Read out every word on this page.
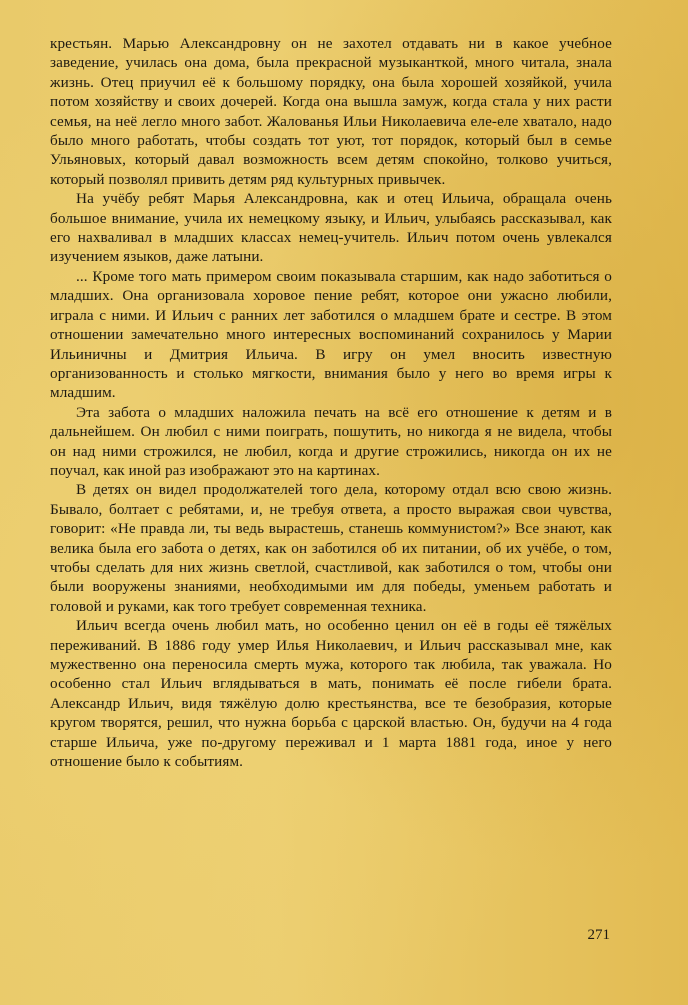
крестьян. Марью Александровну он не захотел отдавать ни в какое учебное заведение, училась она дома, была прекрасной музыканткой, много читала, знала жизнь. Отец приучил её к большому порядку, она была хорошей хозяйкой, учила потом хозяйству и своих дочерей. Когда она вышла замуж, когда стала у них расти семья, на неё легло много забот. Жалованья Ильи Николаевича еле-еле хватало, надо было много работать, чтобы создать тот уют, тот порядок, который был в семье Ульяновых, который давал возможность всем детям спокойно, толково учиться, который позволял привить детям ряд культурных привычек.

На учёбу ребят Марья Александровна, как и отец Ильича, обращала очень большое внимание, учила их немецкому языку, и Ильич, улыбаясь рассказывал, как его нахваливал в младших классах немец-учитель. Ильич потом очень увлекался изучением языков, даже латыни.

... Кроме того мать примером своим показывала старшим, как надо заботиться о младших. Она организовала хоровое пение ребят, которое они ужасно любили, играла с ними. И Ильич с ранних лет заботился о младшем брате и сестре. В этом отношении замечательно много интересных воспоминаний сохранилось у Марии Ильиничны и Дмитрия Ильича. В игру он умел вносить известную организованность и столько мягкости, внимания было у него во время игры к младшим.

Эта забота о младших наложила печать на всё его отношение к детям и в дальнейшем. Он любил с ними поиграть, пошутить, но никогда я не видела, чтобы он над ними строжился, не любил, когда и другие строжились, никогда он их не поучал, как иной раз изображают это на картинах.

В детях он видел продолжателей того дела, которому отдал всю свою жизнь. Бывало, болтает с ребятами, и, не требуя ответа, а просто выражая свои чувства, говорит: «Не правда ли, ты ведь вырастешь, станешь коммунистом?» Все знают, как велика была его забота о детях, как он заботился об их питании, об их учёбе, о том, чтобы сделать для них жизнь светлой, счастливой, как заботился о том, чтобы они были вооружены знаниями, необходимыми им для победы, уменьем работать и головой и руками, как того требует современная техника.

Ильич всегда очень любил мать, но особенно ценил он её в годы её тяжёлых переживаний. В 1886 году умер Илья Николаевич, и Ильич рассказывал мне, как мужественно она переносила смерть мужа, которого так любила, так уважала. Но особенно стал Ильич вглядываться в мать, понимать её после гибели брата. Александр Ильич, видя тяжёлую долю крестьянства, все те безобразия, которые кругом творятся, решил, что нужна борьба с царской властью. Он, будучи на 4 года старше Ильича, уже по-другому переживал и 1 марта 1881 года, иное у него отношение было к событиям.

271
